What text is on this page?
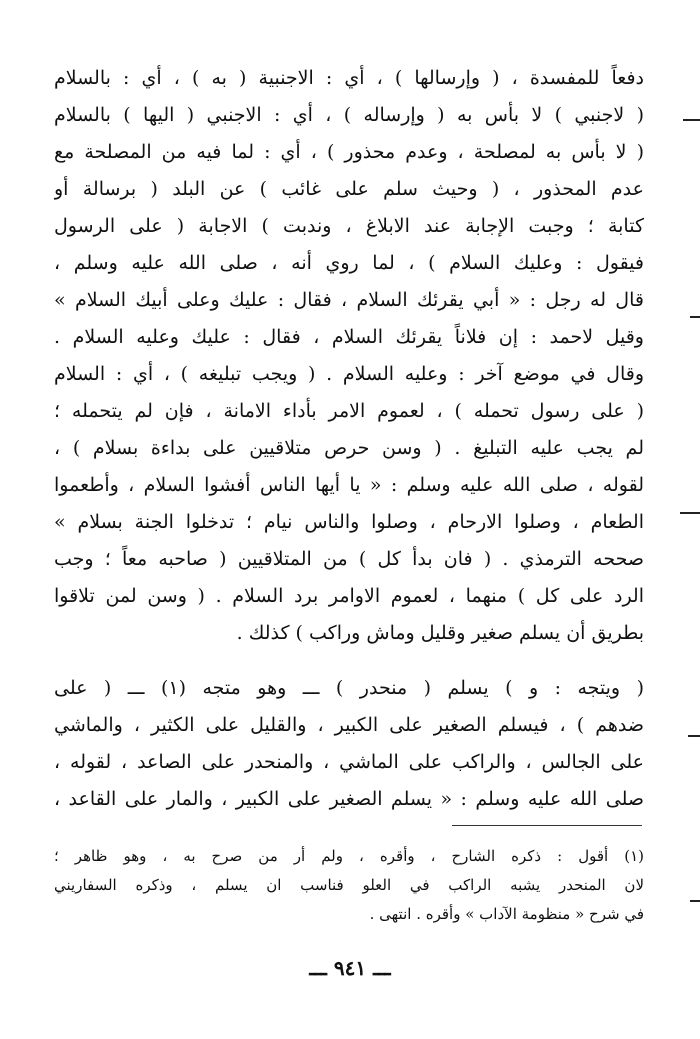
دفعاً للمفسدة ، ( وإرسالها ) ، أي : الاجنبية ( به ) ، أي : بالسلام
( لاجنبي ) لا بأس به ( وإرساله ) ، أي : الاجنبي ( اليها ) بالسلام
( لا بأس به لمصلحة ، وعدم محذور ) ، أي : لما فيه من المصلحة مع
عدم المحذور ، ( وحيث سلم على غائب ) عن البلد ( برسالة أو
كتابة ؛ وجبت الإجابة عند الابلاغ ، وندبت ) الاجابة ( على الرسول
فيقول : وعليك السلام ) ، لما روي أنه ، صلى الله عليه وسلم ،
قال له رجل : « أبي يقرئك السلام ، فقال : عليك وعلى أبيك السلام »
وقيل لاحمد : إن فلاناً يقرئك السلام ، فقال : عليك وعليه السلام .
وقال في موضع آخر : وعليه السلام . ( ويجب تبليغه ) ، أي : السلام
( على رسول تحمله ) ، لعموم الامر بأداء الامانة ، فإن لم يتحمله ؛
لم يجب عليه التبليغ . ( وسن حرص متلاقيين على بداءة بسلام ) ،
لقوله ، صلى الله عليه وسلم : « يا أيها الناس أفشوا السلام ، وأطعموا
الطعام ، وصلوا الارحام ، وصلوا والناس نيام ؛ تدخلوا الجنة بسلام »
صححه الترمذي . ( فان بدأ كل ) من المتلاقيين ( صاحبه معاً ؛ وجب
الرد على كل ) منهما ، لعموم الاوامر برد السلام . ( وسن لمن تلاقوا
بطريق أن يسلم صغير وقليل وماش وراكب ) كذلك .
( ويتجه : و ) يسلم ( منحدر ) ـــ وهو متجه (١) ـــ ( على
ضدهم ) ، فيسلم الصغير على الكبير ، والقليل على الكثير ، والماشي
على الجالس ، والراكب على الماشي ، والمنحدر على الصاعد ، لقوله ،
صلى الله عليه وسلم : « يسلم الصغير على الكبير ، والمار على القاعد ،
(١) أقول : ذكره الشارح ، وأقره ، ولم أر من صرح به ، وهو ظاهر ؛
لان المنحدر يشبه الراكب في العلو فناسب ان يسلم ، وذكره السفاريني
في شرح « منظومة الآداب » وأقره . انتهى .
ـــ ٩٤١ ـــ
